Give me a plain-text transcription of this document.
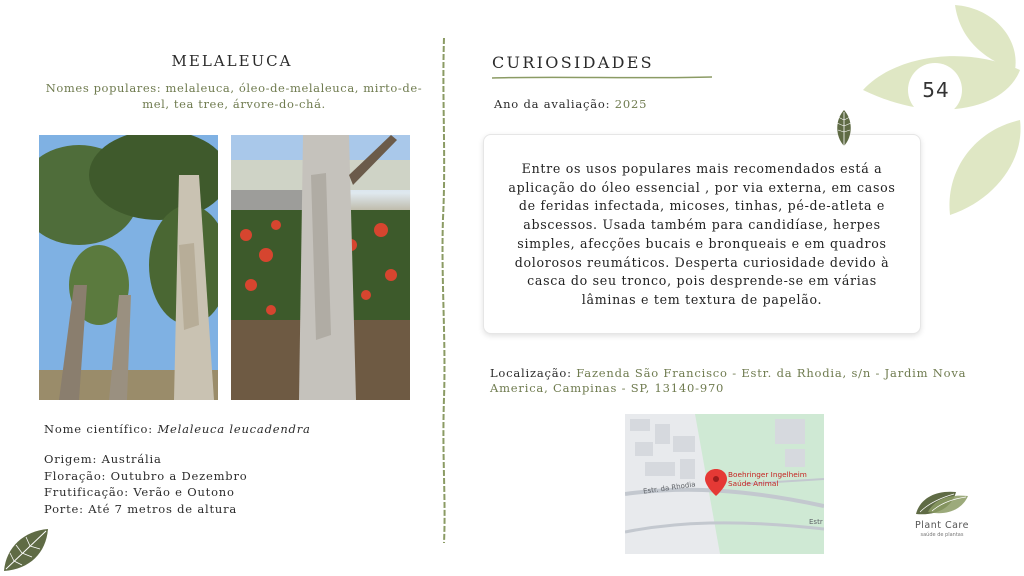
54
MELALEUCA
Nomes populares: melaleuca, óleo-de-melaleuca, mirto-de-mel, tea tree, árvore-do-chá.
Nome científico: Melaleuca leucadendra
Origem: Austrália
Floração: Outubro a Dezembro
Frutificação: Verão e Outono
Porte: Até 7 metros de altura
CURIOSIDADES
Ano da avaliação: 2025
Entre os usos populares mais recomendados está a aplicação do óleo essencial , por via externa, em casos de feridas infectada, micoses, tinhas, pé-de-atleta e abscessos. Usada também para candidíase, herpes simples, afecções bucais e bronqueais e em quadros dolorosos reumáticos. Desperta curiosidade devido à casca do seu tronco, pois desprende-se em várias lâminas e tem textura de papelão.
Localização: Fazenda São Francisco - Estr. da Rhodia, s/n - Jardim Nova America, Campinas - SP, 13140-970
Estr. da Rhodia
Estr
Boehringer Ingelheim Saúde Animal
Plant Care
saúde de plantas
